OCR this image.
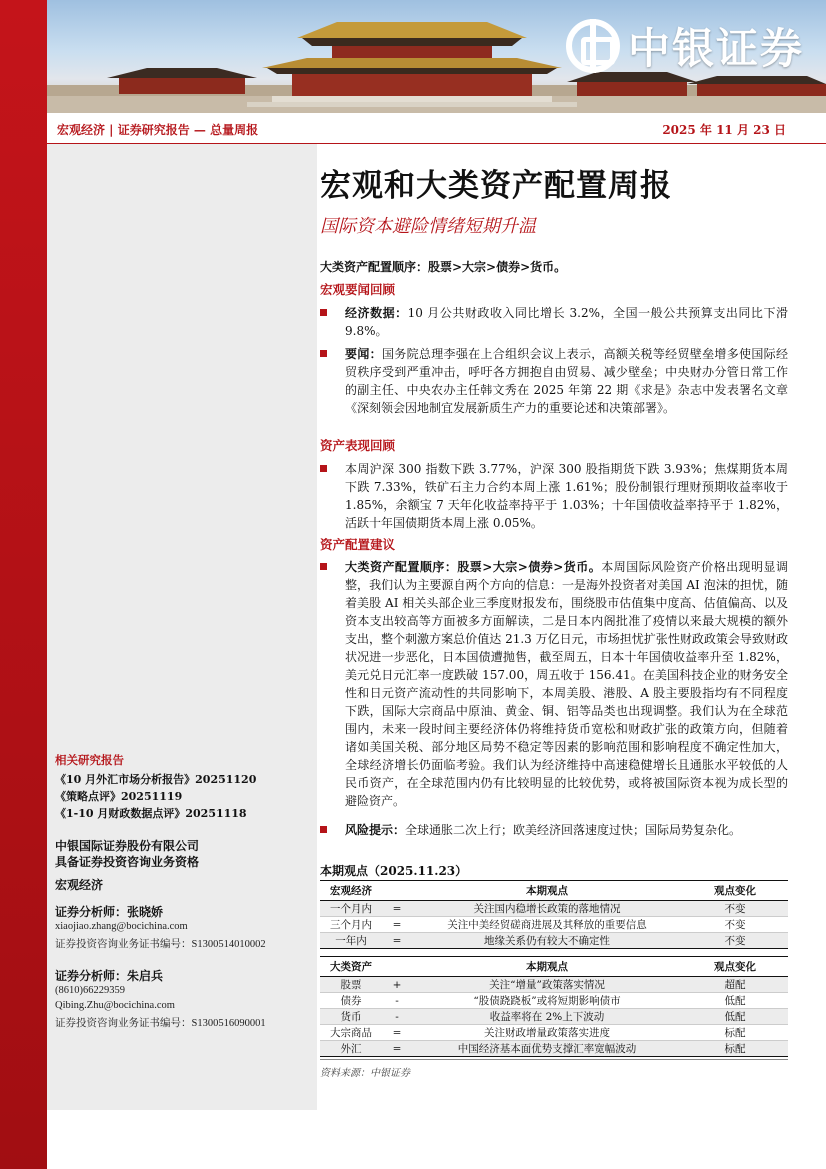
中银证券
宏观经济 | 证券研究报告 — 总量周报	2025 年 11 月 23 日
相关研究报告
《10 月外汇市场分析报告》20251120
《策略点评》20251119
《1-10 月财政数据点评》20251118
中银国际证券股份有限公司
具备证券投资咨询业务资格
宏观经济
证券分析师：张晓娇
xiaojiao.zhang@bocichina.com
证券投资咨询业务证书编号：S1300514010002
证券分析师：朱启兵
(8610)66229359
Qibing.Zhu@bocichina.com
证券投资咨询业务证书编号：S1300516090001
宏观和大类资产配置周报
国际资本避险情绪短期升温
大类资产配置顺序：股票>大宗>债券>货币。
宏观要闻回顾
经济数据：10 月公共财政收入同比增长 3.2%，全国一般公共预算支出同比下滑 9.8%。
要闻：国务院总理李强在上合组织会议上表示，高额关税等经贸壁垒增多使国际经贸秩序受到严重冲击，呼吁各方拥抱自由贸易、减少壁垒；中央财办分管日常工作的副主任、中央农办主任韩文秀在 2025 年第 22 期《求是》杂志中发表署名文章《深刻领会因地制宜发展新质生产力的重要论述和决策部署》。
资产表现回顾
本周沪深 300 指数下跌 3.77%，沪深 300 股指期货下跌 3.93%；焦煤期货本周下跌 7.33%，铁矿石主力合约本周上涨 1.61%；股份制银行理财预期收益率收于 1.85%，余额宝 7 天年化收益率持平于 1.03%；十年国债收益率持平于 1.82%，活跃十年国债期货本周上涨 0.05%。
资产配置建议
大类资产配置顺序：股票>大宗>债券>货币。本周国际风险资产价格出现明显调整，我们认为主要源自两个方向的信息：一是海外投资者对美国 AI 泡沫的担忧，随着美股 AI 相关头部企业三季度财报发布，围绕股市估值集中度高、估值偏高、以及资本支出较高等方面被多方面解读，二是日本内阁批准了疫情以来最大规模的额外支出，整个刺激方案总价值达 21.3 万亿日元，市场担忧扩张性财政政策会导致财政状况进一步恶化，日本国债遭抛售，截至周五，日本十年国债收益率升至 1.82%，美元兑日元汇率一度跌破 157.00，周五收于 156.41。在美国科技企业的财务安全性和日元资产流动性的共同影响下，本周美股、港股、A 股主要股指均有不同程度下跌，国际大宗商品中原油、黄金、铜、铝等品类也出现调整。我们认为在全球范围内，未来一段时间主要经济体仍将维持货币宽松和财政扩张的政策方向，但随着诸如美国关税、部分地区局势不稳定等因素的影响范围和影响程度不确定性加大，全球经济增长仍面临考验。我们认为经济维持中高速稳健增长且通胀水平较低的人民币资产，在全球范围内仍有比较明显的比较优势，或将被国际资本视为成长型的避险资产。
风险提示：全球通胀二次上行；欧美经济回落速度过快；国际局势复杂化。
本期观点（2025.11.23）
宏观经济		本期观点	观点变化
一个月内	=	关注国内稳增长政策的落地情况	不变
三个月内	=	关注中美经贸磋商进展及其释放的重要信息	不变
一年内	=	地缘关系仍有较大不确定性	不变
大类资产		本期观点	观点变化
股票	+	关注“增量”政策落实情况	超配
债券	-	“股债跷跷板”或将短期影响债市	低配
货币	-	收益率将在 2%上下波动	低配
大宗商品	=	关注财政增量政策落实进度	标配
外汇	=	中国经济基本面优势支撑汇率宽幅波动	标配
资料来源：中银证券
